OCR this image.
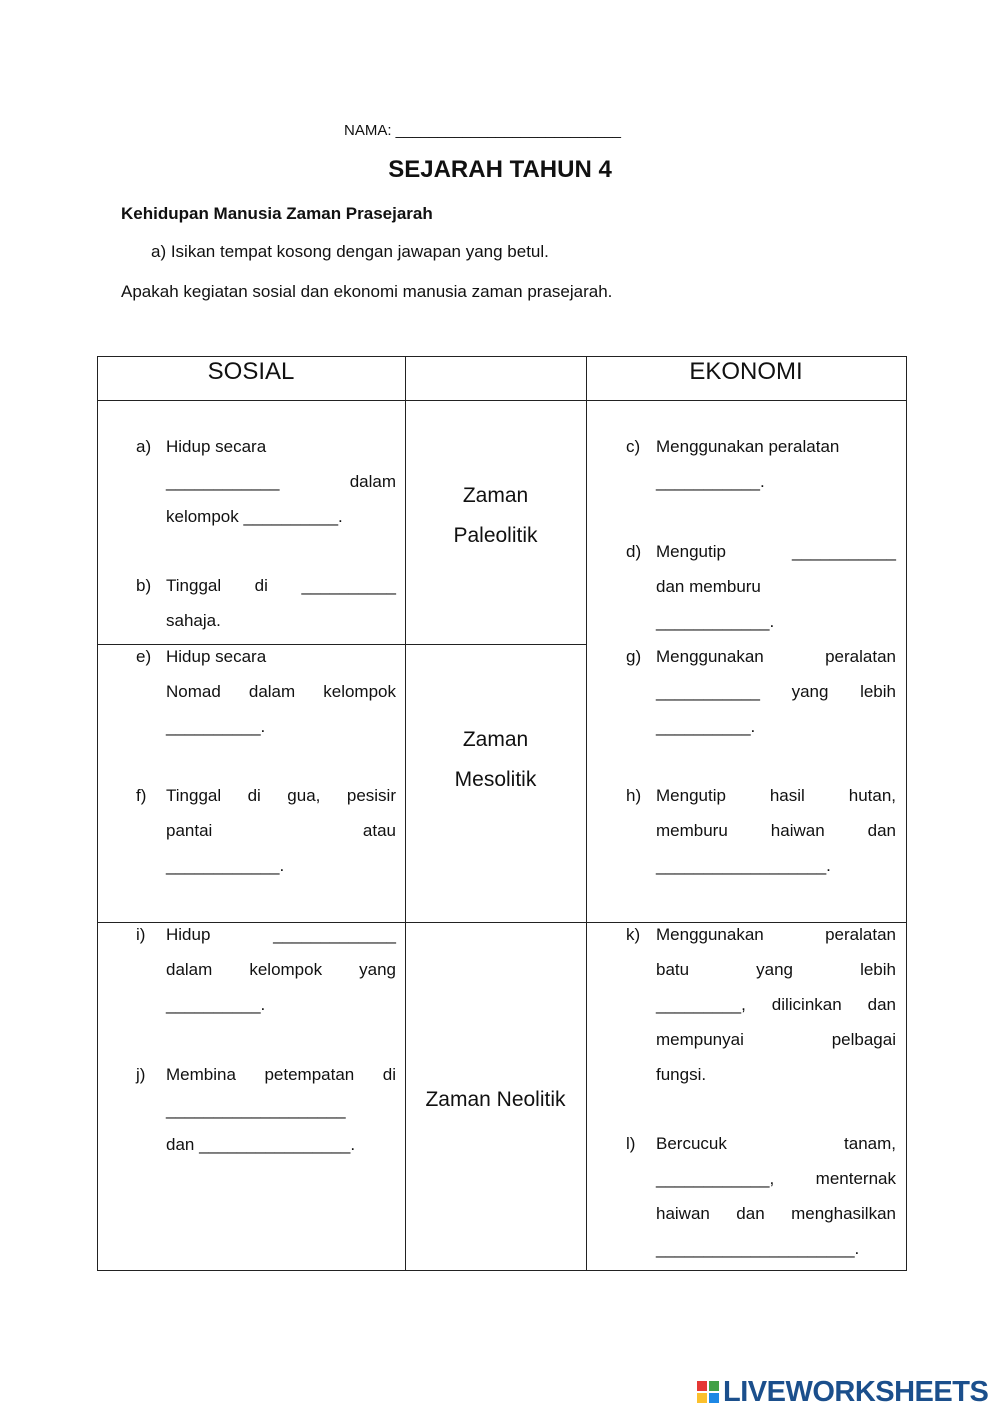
NAMA: ___________________________
SEJARAH TAHUN 4
Kehidupan Manusia Zaman Prasejarah
a) Isikan tempat kosong dengan jawapan yang betul.
Apakah kegiatan sosial dan ekonomi manusia zaman prasejarah.
SOSIAL	EKONOMI
Zaman
Paleolitik
Zaman
Mesolitik
Zaman Neolitik
a) Hidup secara
____________ dalam
kelompok __________.
b) Tinggal di __________
sahaja.
e) Hidup secara
Nomad dalam kelompok
__________.
f) Tinggal di gua, pesisir
pantai atau
____________.
i) Hidup _____________
dalam kelompok yang
__________.
j) Membina petempatan di
___________________
dan ________________.
c) Menggunakan peralatan
___________.
d) Mengutip ___________
dan memburu
____________.
g) Menggunakan peralatan
___________ yang lebih
__________.
h) Mengutip hasil hutan,
memburu haiwan dan
__________________.
k) Menggunakan peralatan
batu yang lebih
_________, dilicinkan dan
mempunyai pelbagai
fungsi.
l) Bercucuk tanam,
____________, menternak
haiwan dan menghasilkan
_____________________.
LIVEWORKSHEETS
